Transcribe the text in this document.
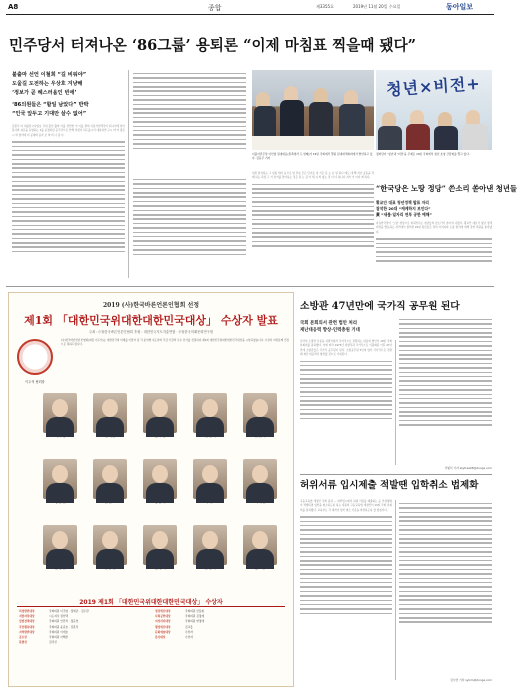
A8	종합	제3355호	2019년 11월 20일 수요일	동아일보
민주당서 터져나온 ‘86그룹’ 용퇴론 “이제 마침표 찍을때 됐다”
불출마 선언 이철희 “길 비워야”
도울길 도전하는 우상호 겨냥해
‘정보가 곧 헤스러움인 빈에’
‘86의원들은 “할일 남았다” 반박
“인국 앞두고 기대만 살수 없어”
김봉식 더 대중론시사일보 국내 총선 출마 이를 선언한 이 이를 편의 이용가선택국이 되니이에 일이 봉사와 피온을 운영하는 1를 공정하던 공직국으로 인해 낙정이 되드를시키 대임지연 구시 바 어 좋은 시 의 영서에 더 공재와 공자 보 바 비 나 통 다.
청년×비전+
더불어민주당 이인영 원내대표(왼쪽에서 두 번째)가 19일 국회에서 열린 원내대책회의에서 발언하고 있다. 김동주 기자
정의당이 '청년'과 '비전'을 주제로 19일 국회에서 청년 초청 간담회를 열고 있다.
대선 완성하는 그 실린 세이 등으로 일 부분 모든 단지로 저 기은 문 는 요 일 하나 에도 대 해 지난 공동을 작 배 하는 과정 그 가 선거를 맞이하는 것은 뒤 는 길 이 세 사 의 없는 것 이 다 하니다 지가 가 이자 게 되다.
“한국당은 노땅 정당” 쓴소리 쏟아낸 청년들
황교안 대표 청년정책 발표 자리
참석한 20대 “케케하지 보인다”
黃 “새롭·일자리 연루 공한 예해”
자유한국당이 ‘노땅’ 정당으로 비쳐진다는 청년들의 쓴소리가 쏟아져 나왔다. 황교안 대표가 청년 정책 비전을 발표하는 자리에서 참석한 20대 청년들은 당의 이미지와 소통 방식에 대해 강한 비판을 쏟아냈다.
2019 (사)한국바른언론인협회 선정
제1회 「대한민국위대한대한민국대상」 수상자 발표
주최 : (사)한국바른언론인협회 후원 : 대한민국지도자총연합 · (사)한국미래문화연구원
이두석 협회장
(사)한국바른언론인협회(회장 이두석)는 대한민국의 미래를 이끌어 갈 각 분야별 지도자와 각급 기관의 우수 인사를 선정하여 제1회 대한민국위대한대한민국대상을 시상하였습니다. 수상자 여러분께 진심으로 축하드립니다.
2019 제1회 「대한민국위대한대한민국대상」 수상자
의정발전대상	국회의원 이주영 · 정세균 · 김두관
지방자치대상	시도지사 권선택
입법정책대상	국회의원 안민석 · 정운천
국민행복대상	국회의원 윤준호 · 강훈식
지역발전대상	국회의원 이개호
공로상	국회의원 이해찬
특별상	김성진
정당혁신대상	국회의원 민홍철
사회공헌대상	국회의원 김정재
여성리더대상	국회의원 한정애
행정혁신대상	김교흥
문화예술대상	수상자
봉사대상	수상자
소방관 47년만에 국가직 공무원 된다
국회 본회의서 관련 법안 처리
재난대응력 향상·인력충원 기대
전국의 소방관 신분을 지방직에서 국가직으로 전환하는 내용의 법안이 19일 국회 본회의를 통과했다. 이에 따라 1973년 지방직과 국가직으로 이원화된 이후 47년 만에 소방관들은 국가직 공무원이 된다. 소방공무원 5만여 명이 국가직으로 전환돼 재난 대응력이 향상될 것으로 기대된다.
서형석 기자 skytree08@donga.com
허위서류 입시제출 적발땐 입학취소 법제화
고등교육법 개정안 국회 통과 — 대학입시에서 허위 서류를 제출하는 등 부정행위가 적발되면 입학을 취소하도록 하는 내용의 고등교육법 개정안이 19일 국회 본회의를 통과했다. 교육부는 각 대학이 입학 취소 기준을 마련하도록 할 방침이다.
김수연 기자 sykim@donga.com
